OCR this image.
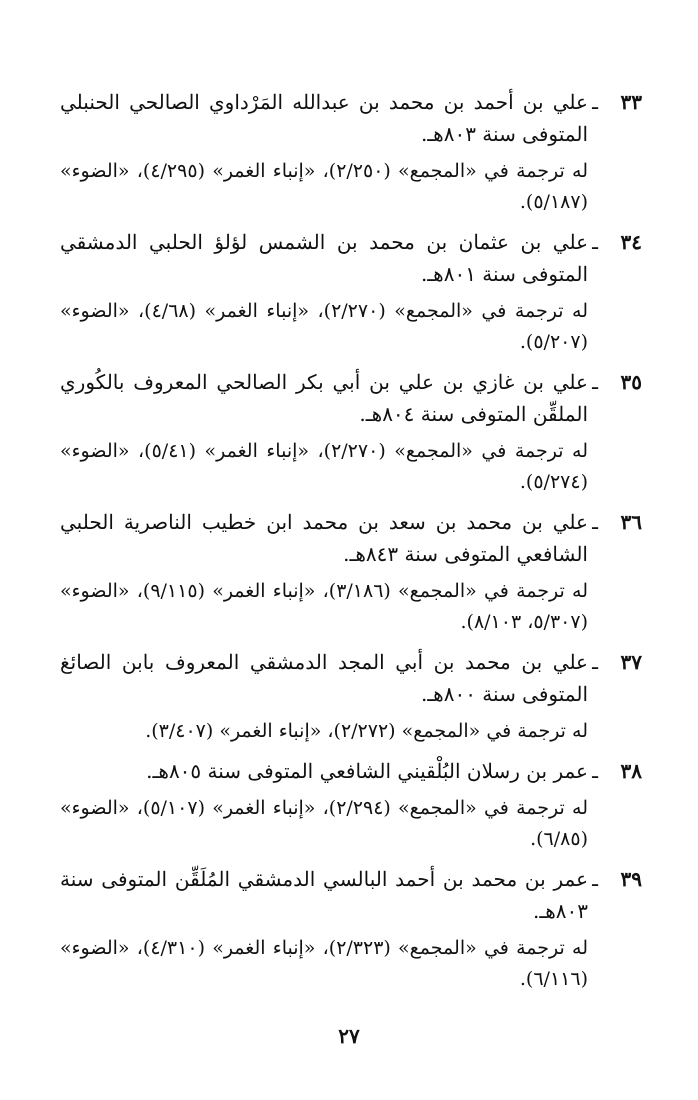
٣٣
ـ
علي بن أحمد بن محمد بن عبدالله المَرْداوي الصالحي الحنبلي المتوفى سنة ٨٠٣هـ.
له ترجمة في «المجمع» (٢/٢٥٠)، «إنباء الغمر» (٤/٢٩٥)، «الضوء» (٥/١٨٧).
٣٤
ـ
علي بن عثمان بن محمد بن الشمس لؤلؤ الحلبي الدمشقي المتوفى سنة ٨٠١هـ.
له ترجمة في «المجمع» (٢/٢٧٠)، «إنباء الغمر» (٤/٦٨)، «الضوء» (٥/٢٠٧).
٣٥
ـ
علي بن غازي بن علي بن أبي بكر الصالحي المعروف بالكُوري الملقِّن المتوفى سنة ٨٠٤هـ.
له ترجمة في «المجمع» (٢/٢٧٠)، «إنباء الغمر» (٥/٤١)، «الضوء» (٥/٢٧٤).
٣٦
ـ
علي بن محمد بن سعد بن محمد ابن خطيب الناصرية الحلبي الشافعي المتوفى سنة ٨٤٣هـ.
له ترجمة في «المجمع» (٣/١٨٦)، «إنباء الغمر» (٩/١١٥)، «الضوء» (٥/٣٠٧، ٨/١٠٣).
٣٧
ـ
علي بن محمد بن أبي المجد الدمشقي المعروف بابن الصائغ المتوفى سنة ٨٠٠هـ.
له ترجمة في «المجمع» (٢/٢٧٢)، «إنباء الغمر» (٣/٤٠٧).
٣٨
ـ
عمر بن رسلان البُلْقيني الشافعي المتوفى سنة ٨٠٥هـ.
له ترجمة في «المجمع» (٢/٢٩٤)، «إنباء الغمر» (٥/١٠٧)، «الضوء» (٦/٨٥).
٣٩
ـ
عمر بن محمد بن أحمد البالسي الدمشقي المُلَقِّن المتوفى سنة ٨٠٣هـ.
له ترجمة في «المجمع» (٢/٣٢٣)، «إنباء الغمر» (٤/٣١٠)، «الضوء» (٦/١١٦).
٢٧
